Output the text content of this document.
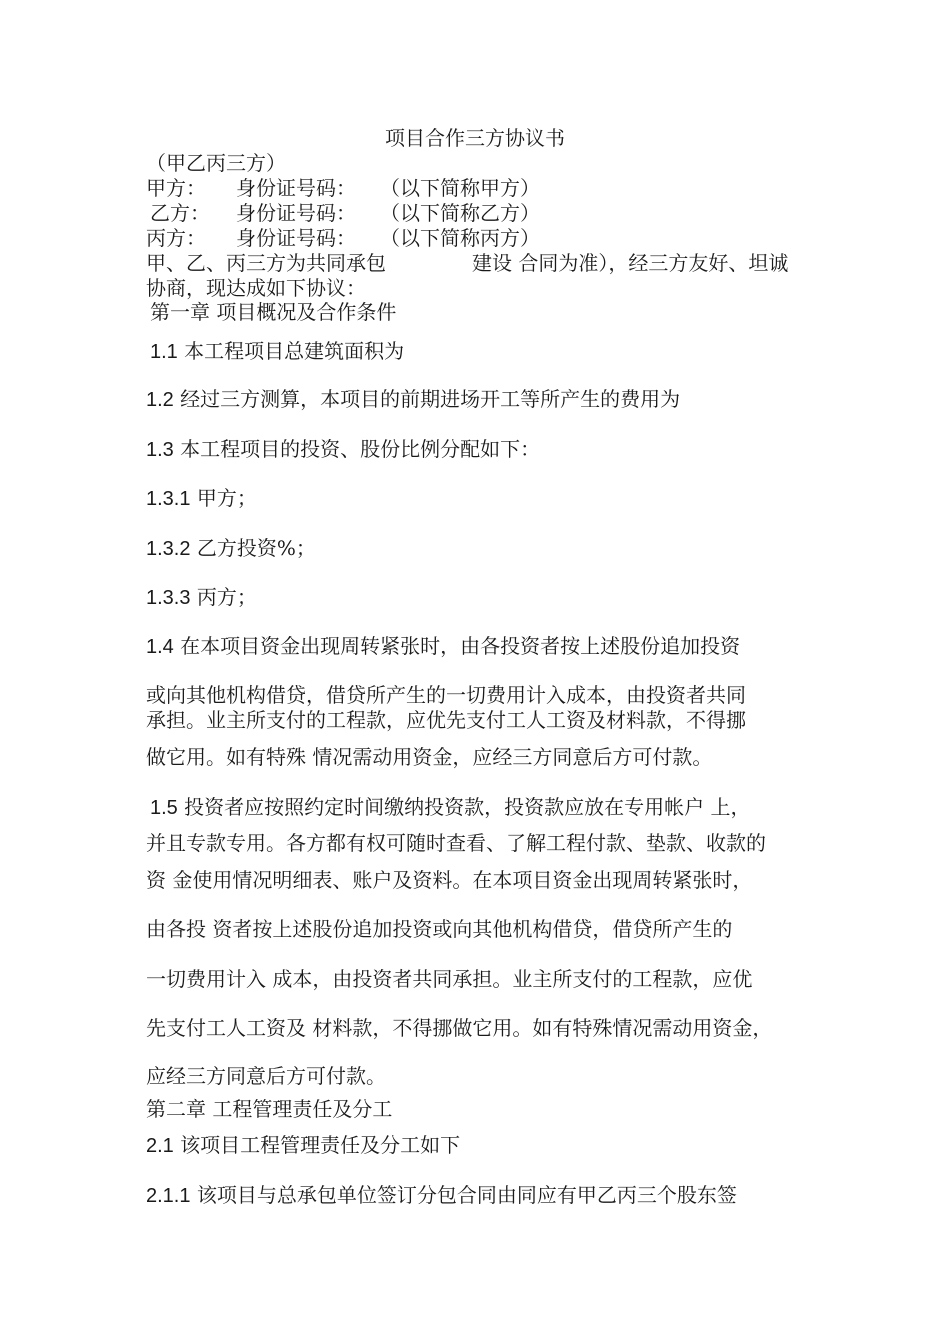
项目合作三方协议书
（甲乙丙三方）
甲方： 身份证号码： （以下简称甲方）
乙方： 身份证号码： （以下简称乙方）
丙方： 身份证号码： （以下简称丙方）
甲、乙、丙三方为共同承包	建设 合同为准），经三方友好、坦诚
协商，现达成如下协议：
第一章 项目概况及合作条件
1.1 本工程项目总建筑面积为
1.2 经过三方测算，本项目的前期进场开工等所产生的费用为
1.3 本工程项目的投资、股份比例分配如下：
1.3.1 甲方；
1.3.2 乙方投资%；
1.3.3 丙方；
1.4 在本项目资金出现周转紧张时，由各投资者按上述股份追加投资
或向其他机构借贷，借贷所产生的一切费用计入成本，由投资者共同
承担。业主所支付的工程款，应优先支付工人工资及材料款，不得挪
做它用。如有特殊 情况需动用资金，应经三方同意后方可付款。
1.5 投资者应按照约定时间缴纳投资款，投资款应放在专用帐户 上，
并且专款专用。各方都有权可随时查看、了解工程付款、垫款、收款的
资 金使用情况明细表、账户及资料。在本项目资金出现周转紧张时，
由各投 资者按上述股份追加投资或向其他机构借贷，借贷所产生的
一切费用计入 成本，由投资者共同承担。业主所支付的工程款，应优
先支付工人工资及 材料款，不得挪做它用。如有特殊情况需动用资金，
应经三方同意后方可付款。
第二章 工程管理责任及分工
2.1 该项目工程管理责任及分工如下
2.1.1 该项目与总承包单位签订分包合同由同应有甲乙丙三个股东签
